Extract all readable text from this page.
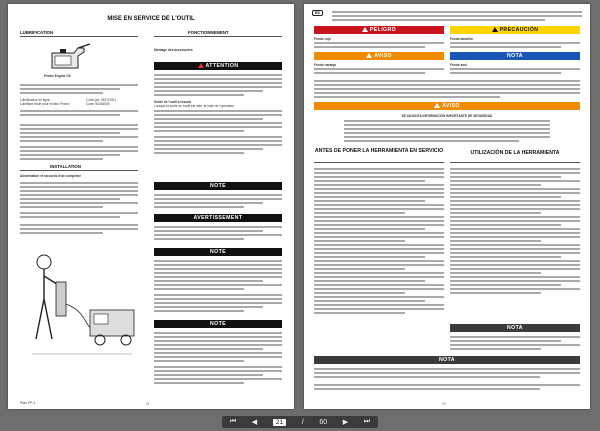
MISE EN SERVICE DE L'OUTIL
LUBRIFICATION
Protec Engine Oil
Lubrificateur en ligne	Code (pn: 26371011)
Lubrifiant Huile pour moteur Protec	Code: 60446005
INSTALLATION
Alimentation et raccords d'air comprimé
Plan: PP-1
FONCTIONNEMENT
Montage des accessoires
ATTENTION
Sortie de l'outil à ressort
Lorsque la sortie de l'outil est vide, la main de l'opérateur
NOTE
AVERTISSEMENT
NOTE
NOTE
21
ES
PELIGRO	PRECAUCIÓN
Fondo rojo	Fondo amarillo
AVISO	NOTA
Fondo naranja	Fondo azul
AVISO
SE ADJUNTA INFORMACIÓN IMPORTANTE DE SEGURIDAD
ANTES DE PONER LA HERRAMIENTA EN SERVICIO	UTILIZACIÓN DE LA HERRAMIENTA
NOTA
NOTA
22
⏮ ◀	21	/ 60 ▶ ⏭
